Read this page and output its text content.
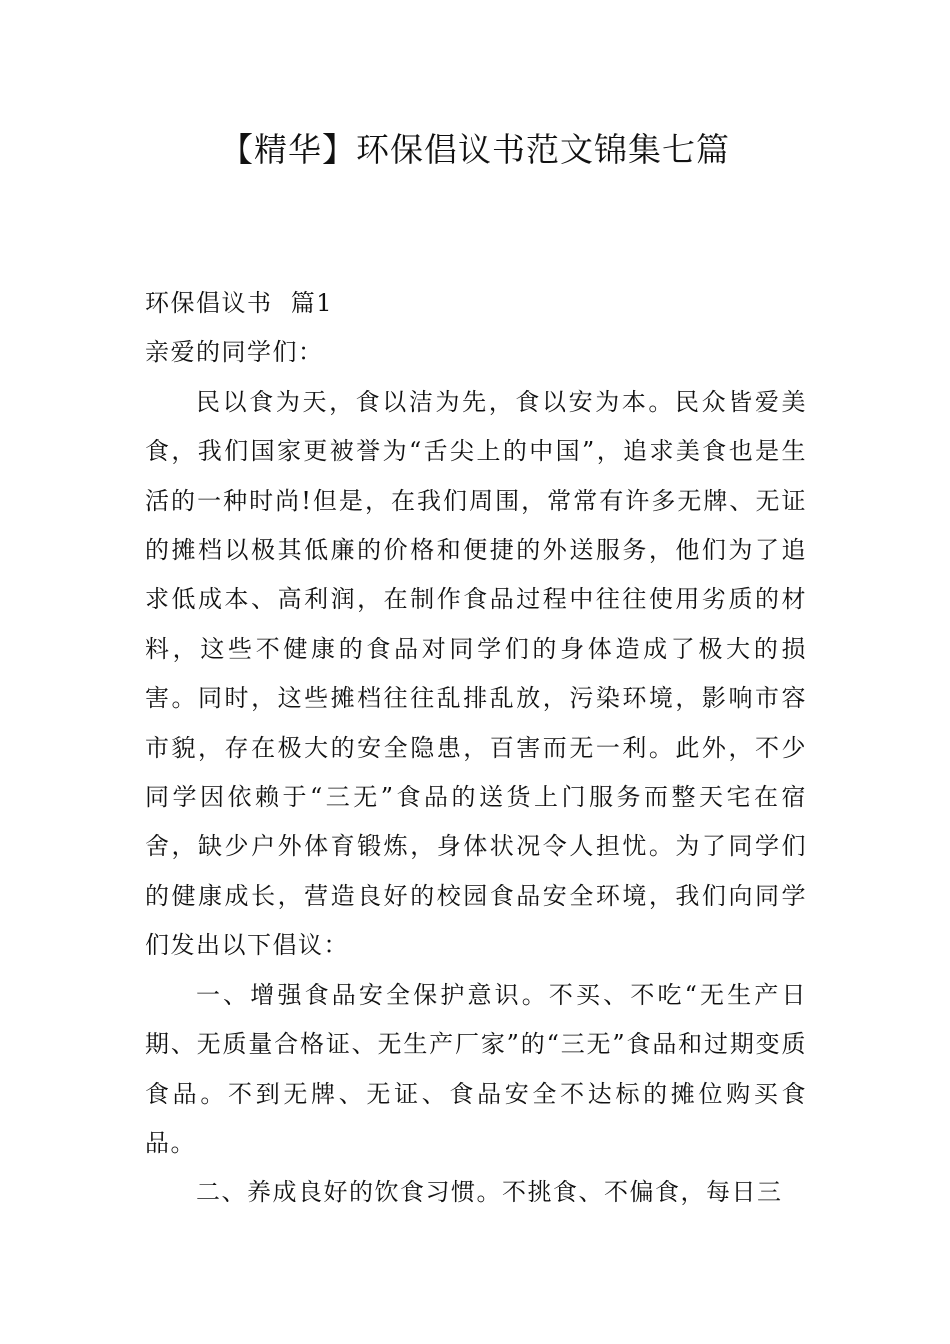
【精华】环保倡议书范文锦集七篇

环保倡议书  篇1

亲爱的同学们：

民以食为天，食以洁为先，食以安为本。民众皆爱美食，我们国家更被誉为“舌尖上的中国”，追求美食也是生活的一种时尚!但是，在我们周围，常常有许多无牌、无证的摊档以极其低廉的价格和便捷的外送服务，他们为了追求低成本、高利润，在制作食品过程中往往使用劣质的材料，这些不健康的食品对同学们的身体造成了极大的损害。同时，这些摊档往往乱排乱放，污染环境，影响市容市貌，存在极大的安全隐患，百害而无一利。此外，不少同学因依赖于“三无”食品的送货上门服务而整天宅在宿舍，缺少户外体育锻炼，身体状况令人担忧。为了同学们的健康成长，营造良好的校园食品安全环境，我们向同学们发出以下倡议：

一、增强食品安全保护意识。不买、不吃“无生产日期、无质量合格证、无生产厂家”的“三无”食品和过期变质食品。不到无牌、无证、食品安全不达标的摊位购买食品。

二、养成良好的饮食习惯。不挑食、不偏食，每日三
